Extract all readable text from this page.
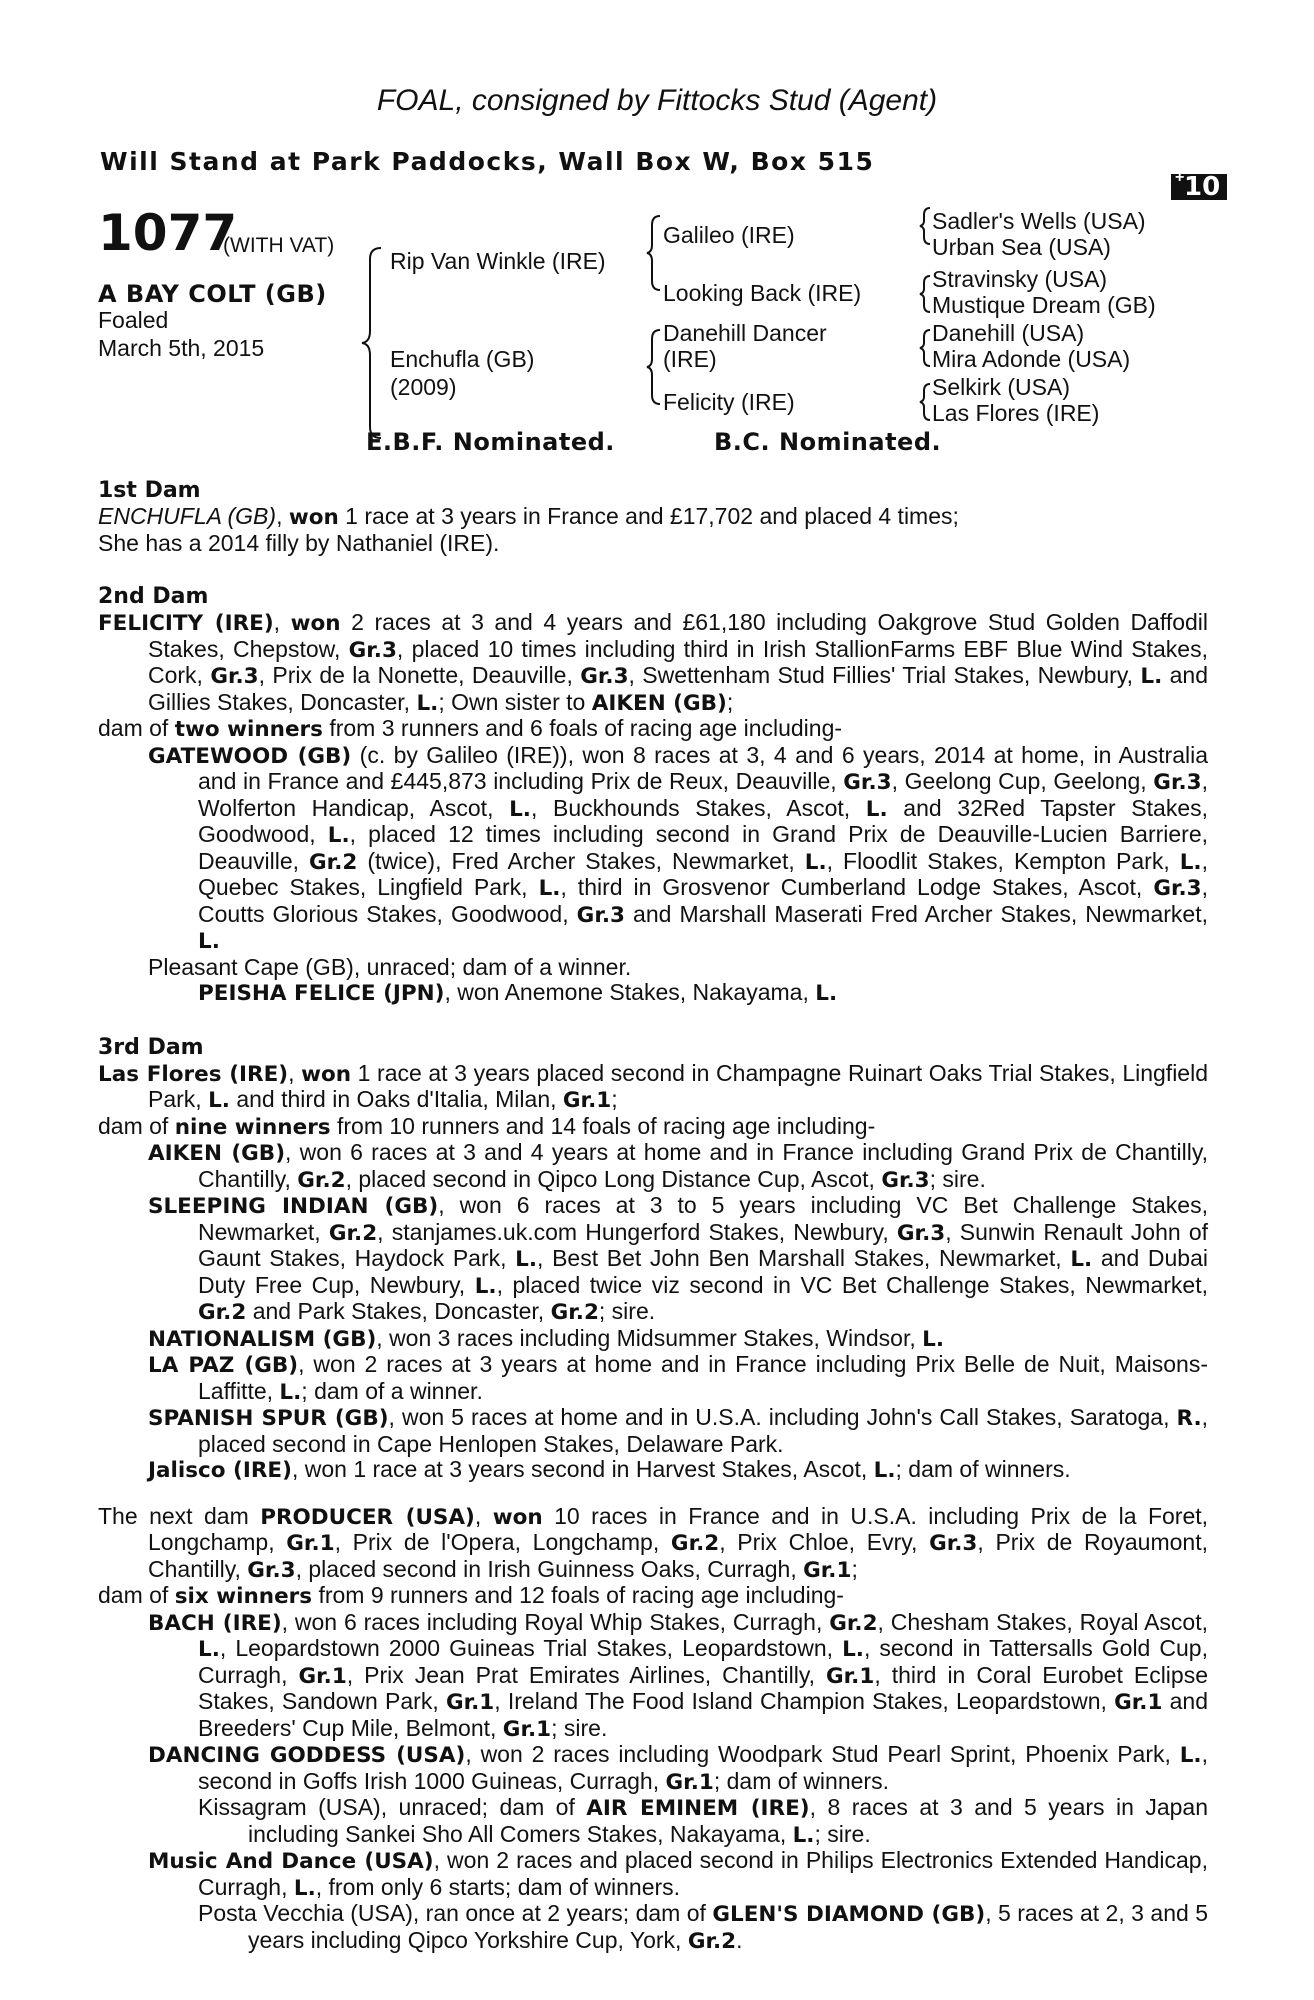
FOAL, consigned by Fittocks Stud (Agent)
Will Stand at Park Paddocks, Wall Box W, Box 515
+ 10
1077
(WITH VAT)
A BAY COLT (GB)
Foaled
March 5th, 2015
Rip Van Winkle (IRE)
Enchufla (GB)
(2009)
Galileo (IRE)
Looking Back (IRE)
Danehill Dancer
(IRE)
Felicity (IRE)
Sadler's Wells (USA)
Urban Sea (USA)
Stravinsky (USA)
Mustique Dream (GB)
Danehill (USA)
Mira Adonde (USA)
Selkirk (USA)
Las Flores (IRE)
E.B.F. Nominated.	B.C. Nominated.

1st Dam

ENCHUFLA (GB), won 1 race at 3 years in France and £17,702 and placed 4 times;

She has a 2014 filly by Nathaniel (IRE).

2nd Dam

FELICITY (IRE), won 2 races at 3 and 4 years and £61,180 including Oakgrove Stud Golden Daffodil Stakes, Chepstow, Gr.3, placed 10 times including third in Irish StallionFarms EBF Blue Wind Stakes, Cork, Gr.3, Prix de la Nonette, Deauville, Gr.3, Swettenham Stud Fillies' Trial Stakes, Newbury, L. and Gillies Stakes, Doncaster, L.; Own sister to AIKEN (GB);

dam of two winners from 3 runners and 6 foals of racing age including-

GATEWOOD (GB) (c. by Galileo (IRE)), won 8 races at 3, 4 and 6 years, 2014 at home, in Australia and in France and £445,873 including Prix de Reux, Deauville, Gr.3, Geelong Cup, Geelong, Gr.3, Wolferton Handicap, Ascot, L., Buckhounds Stakes, Ascot, L. and 32Red Tapster Stakes, Goodwood, L., placed 12 times including second in Grand Prix de Deauville-Lucien Barriere, Deauville, Gr.2 (twice), Fred Archer Stakes, Newmarket, L., Floodlit Stakes, Kempton Park, L., Quebec Stakes, Lingfield Park, L., third in Grosvenor Cumberland Lodge Stakes, Ascot, Gr.3, Coutts Glorious Stakes, Goodwood, Gr.3 and Marshall Maserati Fred Archer Stakes, Newmarket, L.

Pleasant Cape (GB), unraced; dam of a winner.

PEISHA FELICE (JPN), won Anemone Stakes, Nakayama, L.

3rd Dam

Las Flores (IRE), won 1 race at 3 years placed second in Champagne Ruinart Oaks Trial Stakes, Lingfield Park, L. and third in Oaks d'Italia, Milan, Gr.1;

dam of nine winners from 10 runners and 14 foals of racing age including-

AIKEN (GB), won 6 races at 3 and 4 years at home and in France including Grand Prix de Chantilly, Chantilly, Gr.2, placed second in Qipco Long Distance Cup, Ascot, Gr.3; sire.

SLEEPING INDIAN (GB), won 6 races at 3 to 5 years including VC Bet Challenge Stakes, Newmarket, Gr.2, stanjames.uk.com Hungerford Stakes, Newbury, Gr.3, Sunwin Renault John of Gaunt Stakes, Haydock Park, L., Best Bet John Ben Marshall Stakes, Newmarket, L. and Dubai Duty Free Cup, Newbury, L., placed twice viz second in VC Bet Challenge Stakes, Newmarket, Gr.2 and Park Stakes, Doncaster, Gr.2; sire.

NATIONALISM (GB), won 3 races including Midsummer Stakes, Windsor, L.

LA PAZ (GB), won 2 races at 3 years at home and in France including Prix Belle de Nuit, Maisons-Laffitte, L.; dam of a winner.

SPANISH SPUR (GB), won 5 races at home and in U.S.A. including John's Call Stakes, Saratoga, R., placed second in Cape Henlopen Stakes, Delaware Park.

Jalisco (IRE), won 1 race at 3 years second in Harvest Stakes, Ascot, L.; dam of winners.

The next dam PRODUCER (USA), won 10 races in France and in U.S.A. including Prix de la Foret, Longchamp, Gr.1, Prix de l'Opera, Longchamp, Gr.2, Prix Chloe, Evry, Gr.3, Prix de Royaumont, Chantilly, Gr.3, placed second in Irish Guinness Oaks, Curragh, Gr.1;

dam of six winners from 9 runners and 12 foals of racing age including-

BACH (IRE), won 6 races including Royal Whip Stakes, Curragh, Gr.2, Chesham Stakes, Royal Ascot, L., Leopardstown 2000 Guineas Trial Stakes, Leopardstown, L., second in Tattersalls Gold Cup, Curragh, Gr.1, Prix Jean Prat Emirates Airlines, Chantilly, Gr.1, third in Coral Eurobet Eclipse Stakes, Sandown Park, Gr.1, Ireland The Food Island Champion Stakes, Leopardstown, Gr.1 and Breeders' Cup Mile, Belmont, Gr.1; sire.

DANCING GODDESS (USA), won 2 races including Woodpark Stud Pearl Sprint, Phoenix Park, L., second in Goffs Irish 1000 Guineas, Curragh, Gr.1; dam of winners.

Kissagram (USA), unraced; dam of AIR EMINEM (IRE), 8 races at 3 and 5 years in Japan including Sankei Sho All Comers Stakes, Nakayama, L.; sire.

Music And Dance (USA), won 2 races and placed second in Philips Electronics Extended Handicap, Curragh, L., from only 6 starts; dam of winners.

Posta Vecchia (USA), ran once at 2 years; dam of GLEN'S DIAMOND (GB), 5 races at 2, 3 and 5 years including Qipco Yorkshire Cup, York, Gr.2.
